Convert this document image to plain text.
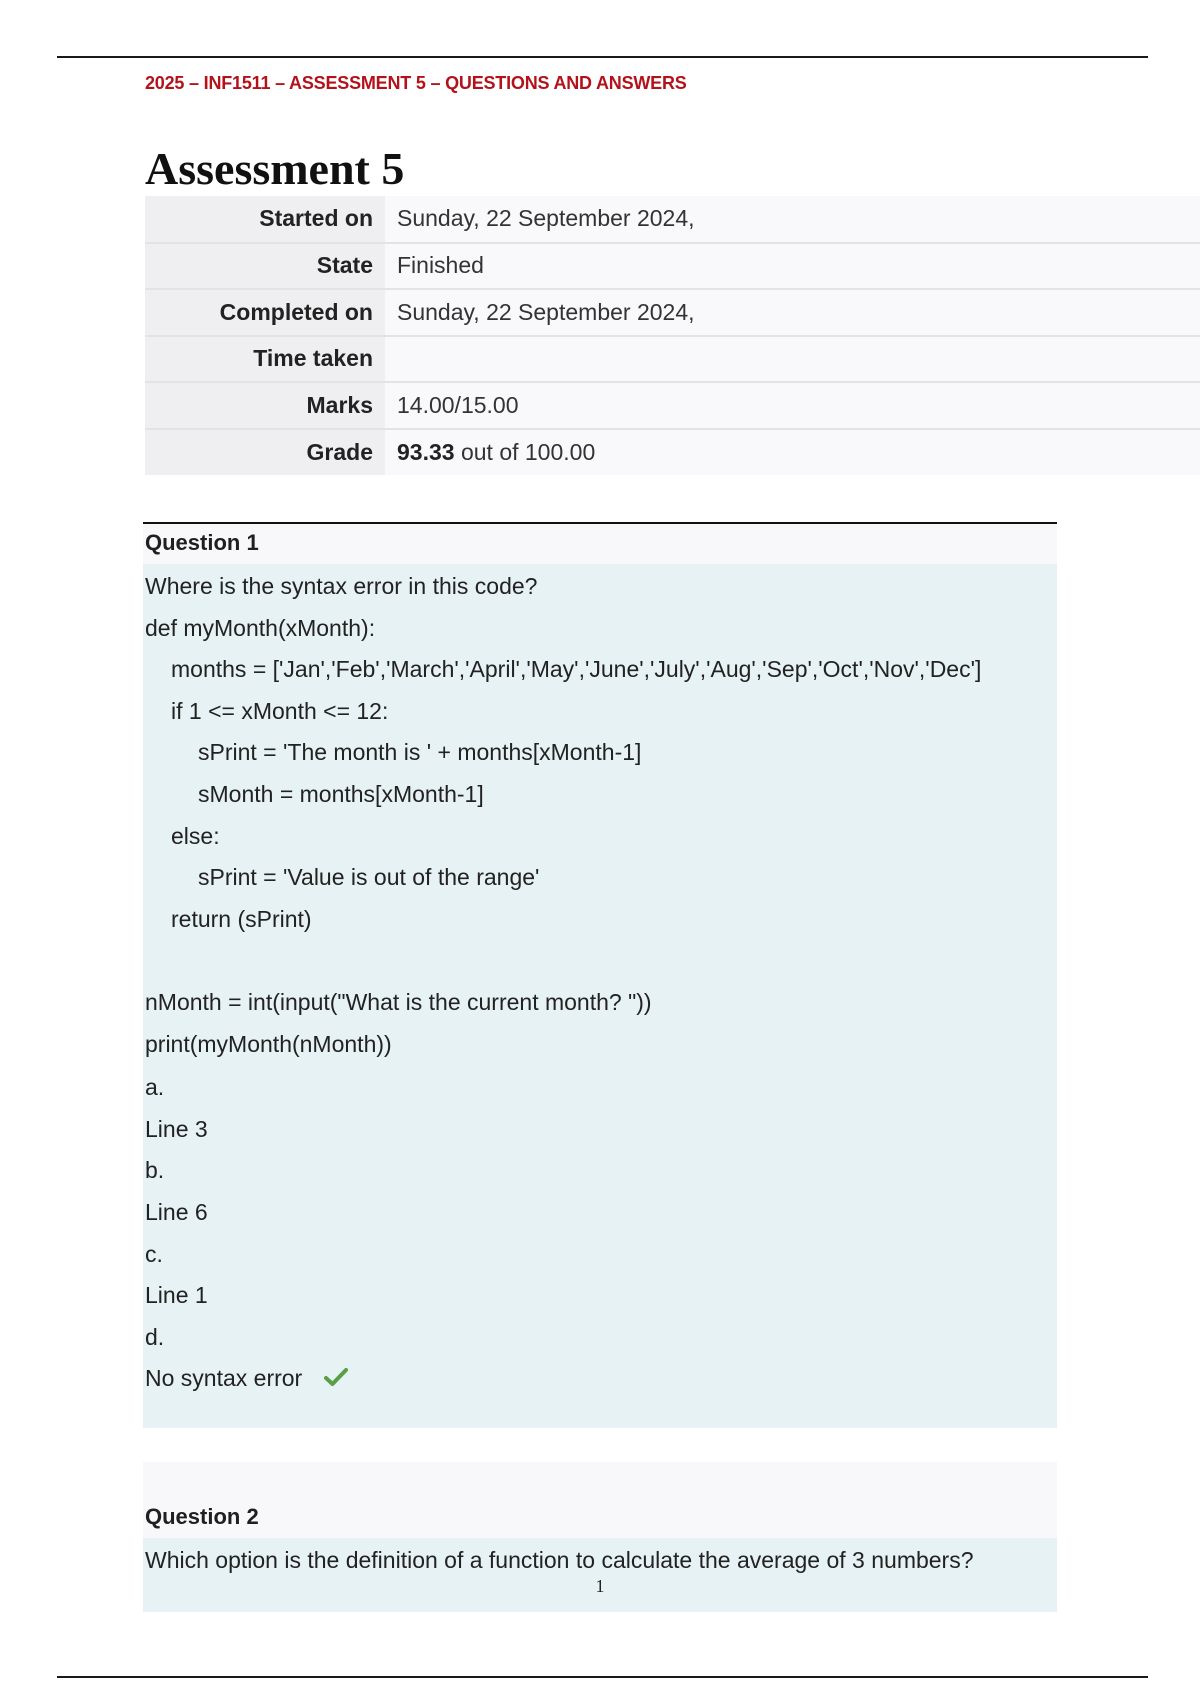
2025 – INF1511 – ASSESSMENT 5 – QUESTIONS AND ANSWERS
Assessment 5
Started on	Sunday, 22 September 2024,
State	Finished
Completed on	Sunday, 22 September 2024,
Time taken	
Marks	14.00/15.00
Grade	93.33 out of 100.00
Question 1
Where is the syntax error in this code?
def myMonth(xMonth):
months = ['Jan','Feb','March','April','May','June','July','Aug','Sep','Oct','Nov','Dec']
if 1 <= xMonth <= 12:
sPrint = 'The month is ' + months[xMonth-1]
sMonth = months[xMonth-1]
else:
sPrint = 'Value is out of the range'
return (sPrint)
nMonth = int(input("What is the current month? "))
print(myMonth(nMonth))
a.
Line 3
b.
Line 6
c.
Line 1
d.
No syntax error
Question 2
Which option is the definition of a function to calculate the average of 3 numbers?
1
